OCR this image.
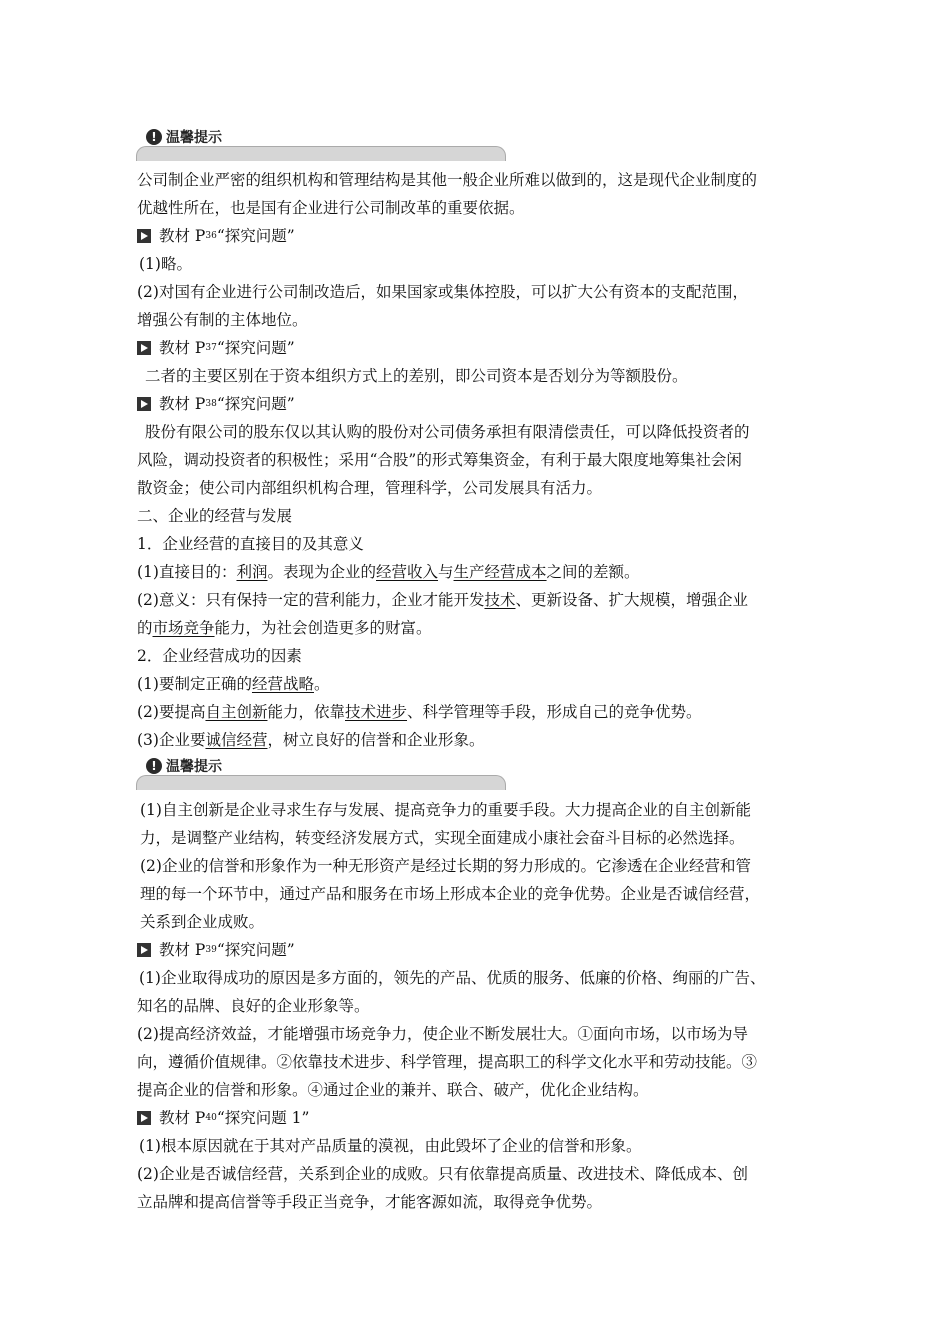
! 温馨提示
公司制企业严密的组织机构和管理结构是其他一般企业所难以做到的，这是现代企业制度的
优越性所在，也是国有企业进行公司制改革的重要依据。
教材 P 36 “探究问题”
(1)略。
(2)对国有企业进行公司制改造后，如果国家或集体控股，可以扩大公有资本的支配范围，
增强公有制的主体地位。
教材 P 37 “探究问题”
二者的主要区别在于资本组织方式上的差别，即公司资本是否划分为等额股份。
教材 P 38 “探究问题”
股份有限公司的股东仅以其认购的股份对公司债务承担有限清偿责任，可以降低投资者的
风险，调动投资者的积极性；采用“合股”的形式筹集资金，有利于最大限度地筹集社会闲
散资金；使公司内部组织机构合理，管理科学，公司发展具有活力。
二、企业的经营与发展
1．企业经营的直接目的及其意义
(1)直接目的：利润。表现为企业的经营收入与生产经营成本之间的差额。
(2)意义：只有保持一定的营利能力，企业才能开发技术、更新设备、扩大规模，增强企业
的市场竞争能力，为社会创造更多的财富。
2．企业经营成功的因素
(1)要制定正确的经营战略。
(2)要提高自主创新能力，依靠技术进步、科学管理等手段，形成自己的竞争优势。
(3)企业要诚信经营，树立良好的信誉和企业形象。
! 温馨提示
(1)自主创新是企业寻求生存与发展、提高竞争力的重要手段。大力提高企业的自主创新能
力，是调整产业结构，转变经济发展方式，实现全面建成小康社会奋斗目标的必然选择。
(2)企业的信誉和形象作为一种无形资产是经过长期的努力形成的。它渗透在企业经营和管
理的每一个环节中，通过产品和服务在市场上形成本企业的竞争优势。企业是否诚信经营，
关系到企业成败。
教材 P 39 “探究问题”
(1)企业取得成功的原因是多方面的，领先的产品、优质的服务、低廉的价格、绚丽的广告、
知名的品牌、良好的企业形象等。
(2)提高经济效益，才能增强市场竞争力，使企业不断发展壮大。①面向市场，以市场为导
向，遵循价值规律。②依靠技术进步、科学管理，提高职工的科学文化水平和劳动技能。③
提高企业的信誉和形象。④通过企业的兼并、联合、破产，优化企业结构。
教材 P 40 “探究问题 1”
(1)根本原因就在于其对产品质量的漠视，由此毁坏了企业的信誉和形象。
(2)企业是否诚信经营，关系到企业的成败。只有依靠提高质量、改进技术、降低成本、创
立品牌和提高信誉等手段正当竞争，才能客源如流，取得竞争优势。
